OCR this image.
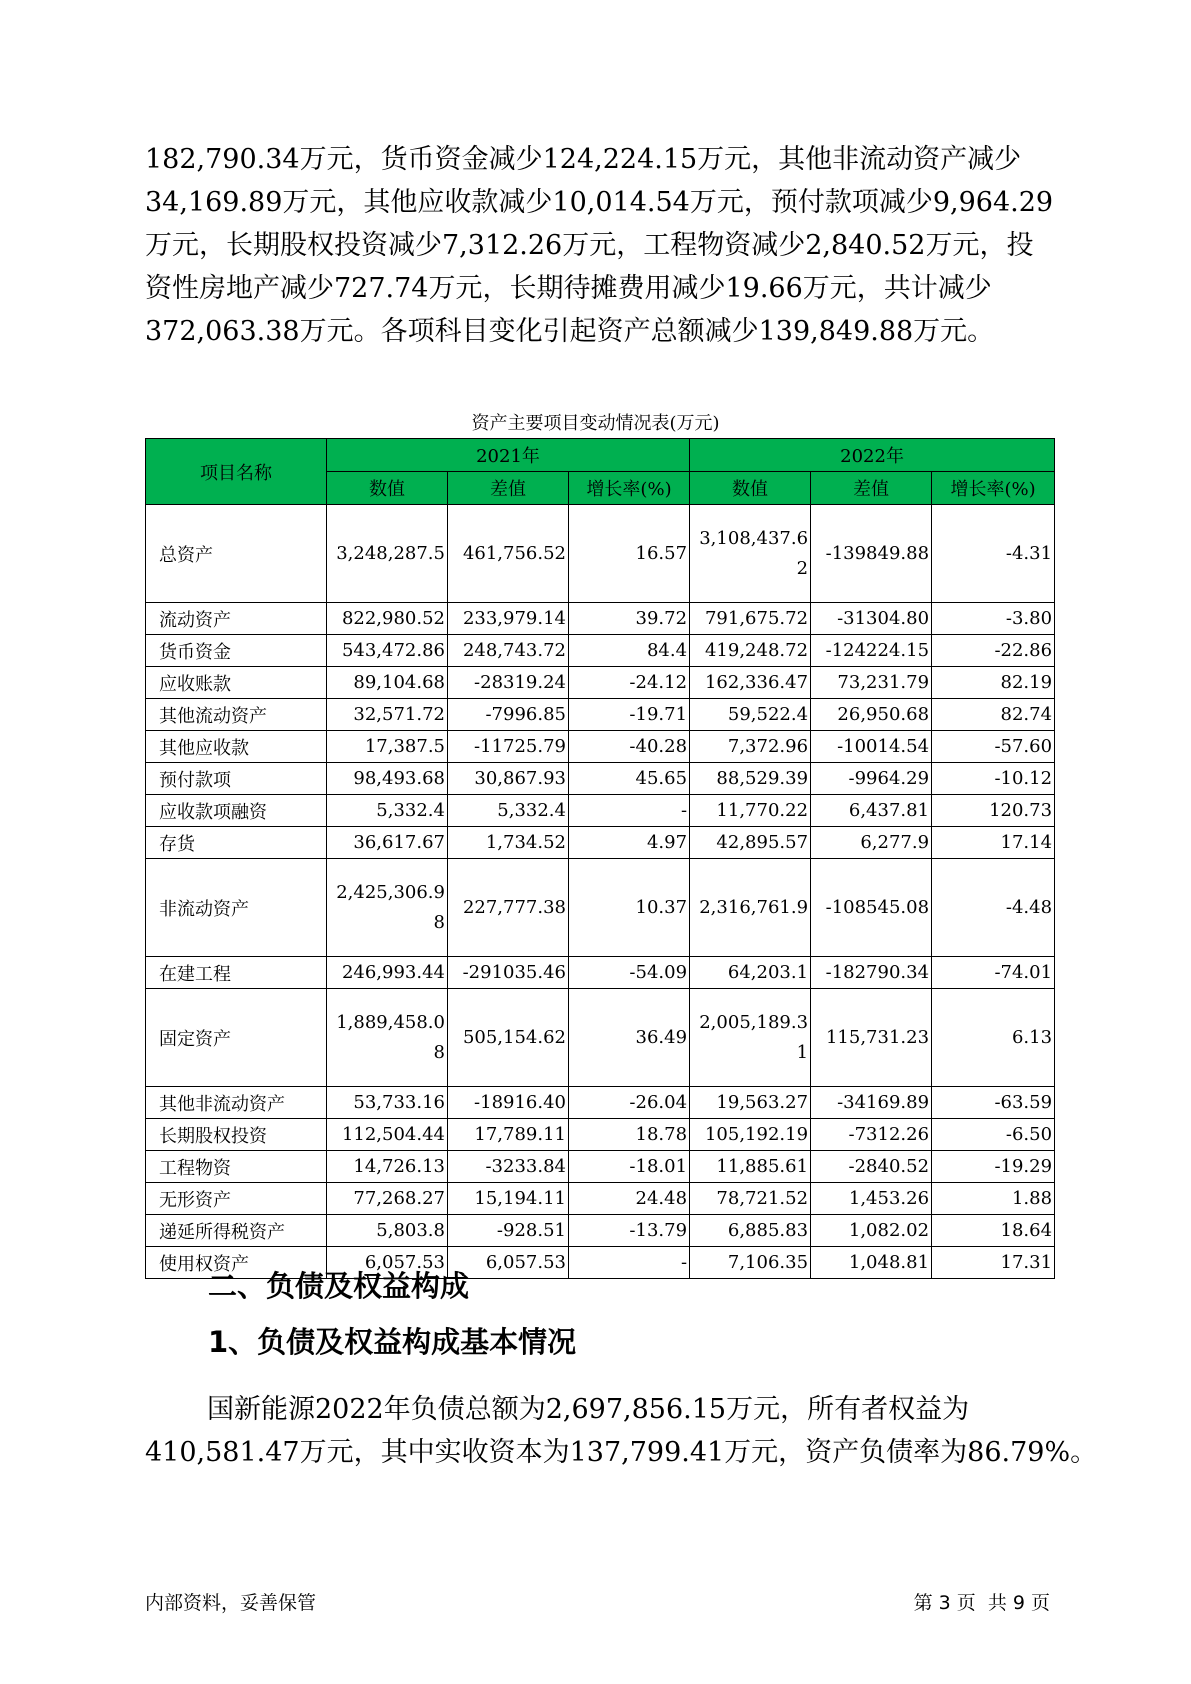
182,790.34万元，货币资金减少124,224.15万元，其他非流动资产减少
34,169.89万元，其他应收款减少10,014.54万元，预付款项减少9,964.29
万元，长期股权投资减少7,312.26万元，工程物资减少2,840.52万元，投
资性房地产减少727.74万元，长期待摊费用减少19.66万元，共计减少
372,063.38万元。各项科目变化引起资产总额减少139,849.88万元。
资产主要项目变动情况表(万元)
项目名称	2021年			2022年		
	数值	差值	增长率(%)	数值	差值	增长率(%)
总资产	3,248,287.5	461,756.52	16.57	3,108,437.62	-139849.88	-4.31
流动资产	822,980.52	233,979.14	39.72	791,675.72	-31304.80	-3.80
货币资金	543,472.86	248,743.72	84.4	419,248.72	-124224.15	-22.86
应收账款	89,104.68	-28319.24	-24.12	162,336.47	73,231.79	82.19
其他流动资产	32,571.72	-7996.85	-19.71	59,522.4	26,950.68	82.74
其他应收款	17,387.5	-11725.79	-40.28	7,372.96	-10014.54	-57.60
预付款项	98,493.68	30,867.93	45.65	88,529.39	-9964.29	-10.12
应收款项融资	5,332.4	5,332.4	-	11,770.22	6,437.81	120.73
存货	36,617.67	1,734.52	4.97	42,895.57	6,277.9	17.14
非流动资产	2,425,306.98	227,777.38	10.37	2,316,761.9	-108545.08	-4.48
在建工程	246,993.44	-291035.46	-54.09	64,203.1	-182790.34	-74.01
固定资产	1,889,458.08	505,154.62	36.49	2,005,189.31	115,731.23	6.13
其他非流动资产	53,733.16	-18916.40	-26.04	19,563.27	-34169.89	-63.59
长期股权投资	112,504.44	17,789.11	18.78	105,192.19	-7312.26	-6.50
工程物资	14,726.13	-3233.84	-18.01	11,885.61	-2840.52	-19.29
无形资产	77,268.27	15,194.11	24.48	78,721.52	1,453.26	1.88
递延所得税资产	5,803.8	-928.51	-13.79	6,885.83	1,082.02	18.64
使用权资产	6,057.53	6,057.53	-	7,106.35	1,048.81	17.31
二、负债及权益构成
1、负债及权益构成基本情况
国新能源2022年负债总额为2,697,856.15万元，所有者权益为
410,581.47万元，其中实收资本为137,799.41万元，资产负债率为86.79%。
内部资料，妥善保管	第 3 页  共 9 页
